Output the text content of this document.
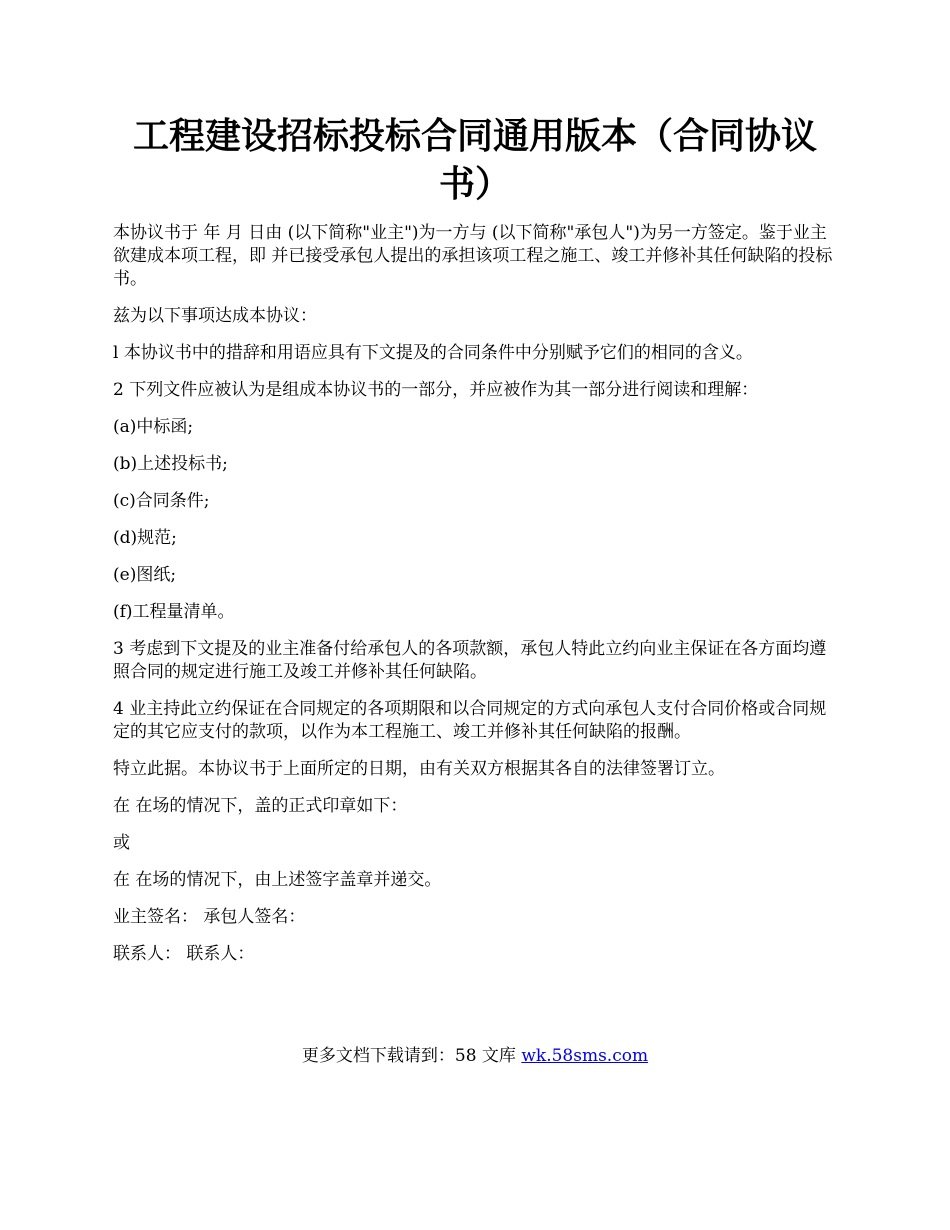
工程建设招标投标合同通用版本（合同协议书）

本协议书于 年 月 日由 (以下简称"业主")为一方与 (以下简称"承包人")为另一方签定。鉴于业主欲建成本项工程，即 并已接受承包人提出的承担该项工程之施工、竣工并修补其任何缺陷的投标书。

兹为以下事项达成本协议：

l 本协议书中的措辞和用语应具有下文提及的合同条件中分别赋予它们的相同的含义。

2 下列文件应被认为是组成本协议书的一部分，并应被作为其一部分进行阅读和理解：

(a)中标函;

(b)上述投标书;

(c)合同条件;

(d)规范;

(e)图纸;

(f)工程量清单。

3 考虑到下文提及的业主准备付给承包人的各项款额，承包人特此立约向业主保证在各方面均遵照合同的规定进行施工及竣工并修补其任何缺陷。

4 业主持此立约保证在合同规定的各项期限和以合同规定的方式向承包人支付合同价格或合同规定的其它应支付的款项，以作为本工程施工、竣工并修补其任何缺陷的报酬。

特立此据。本协议书于上面所定的日期，由有关双方根据其各自的法律签署订立。

在 在场的情况下，盖的正式印章如下：

或

在 在场的情况下，由上述签字盖章并递交。

业主签名： 承包人签名：

联系人： 联系人：

更多文档下载请到：58 文库 wk.58sms.com
